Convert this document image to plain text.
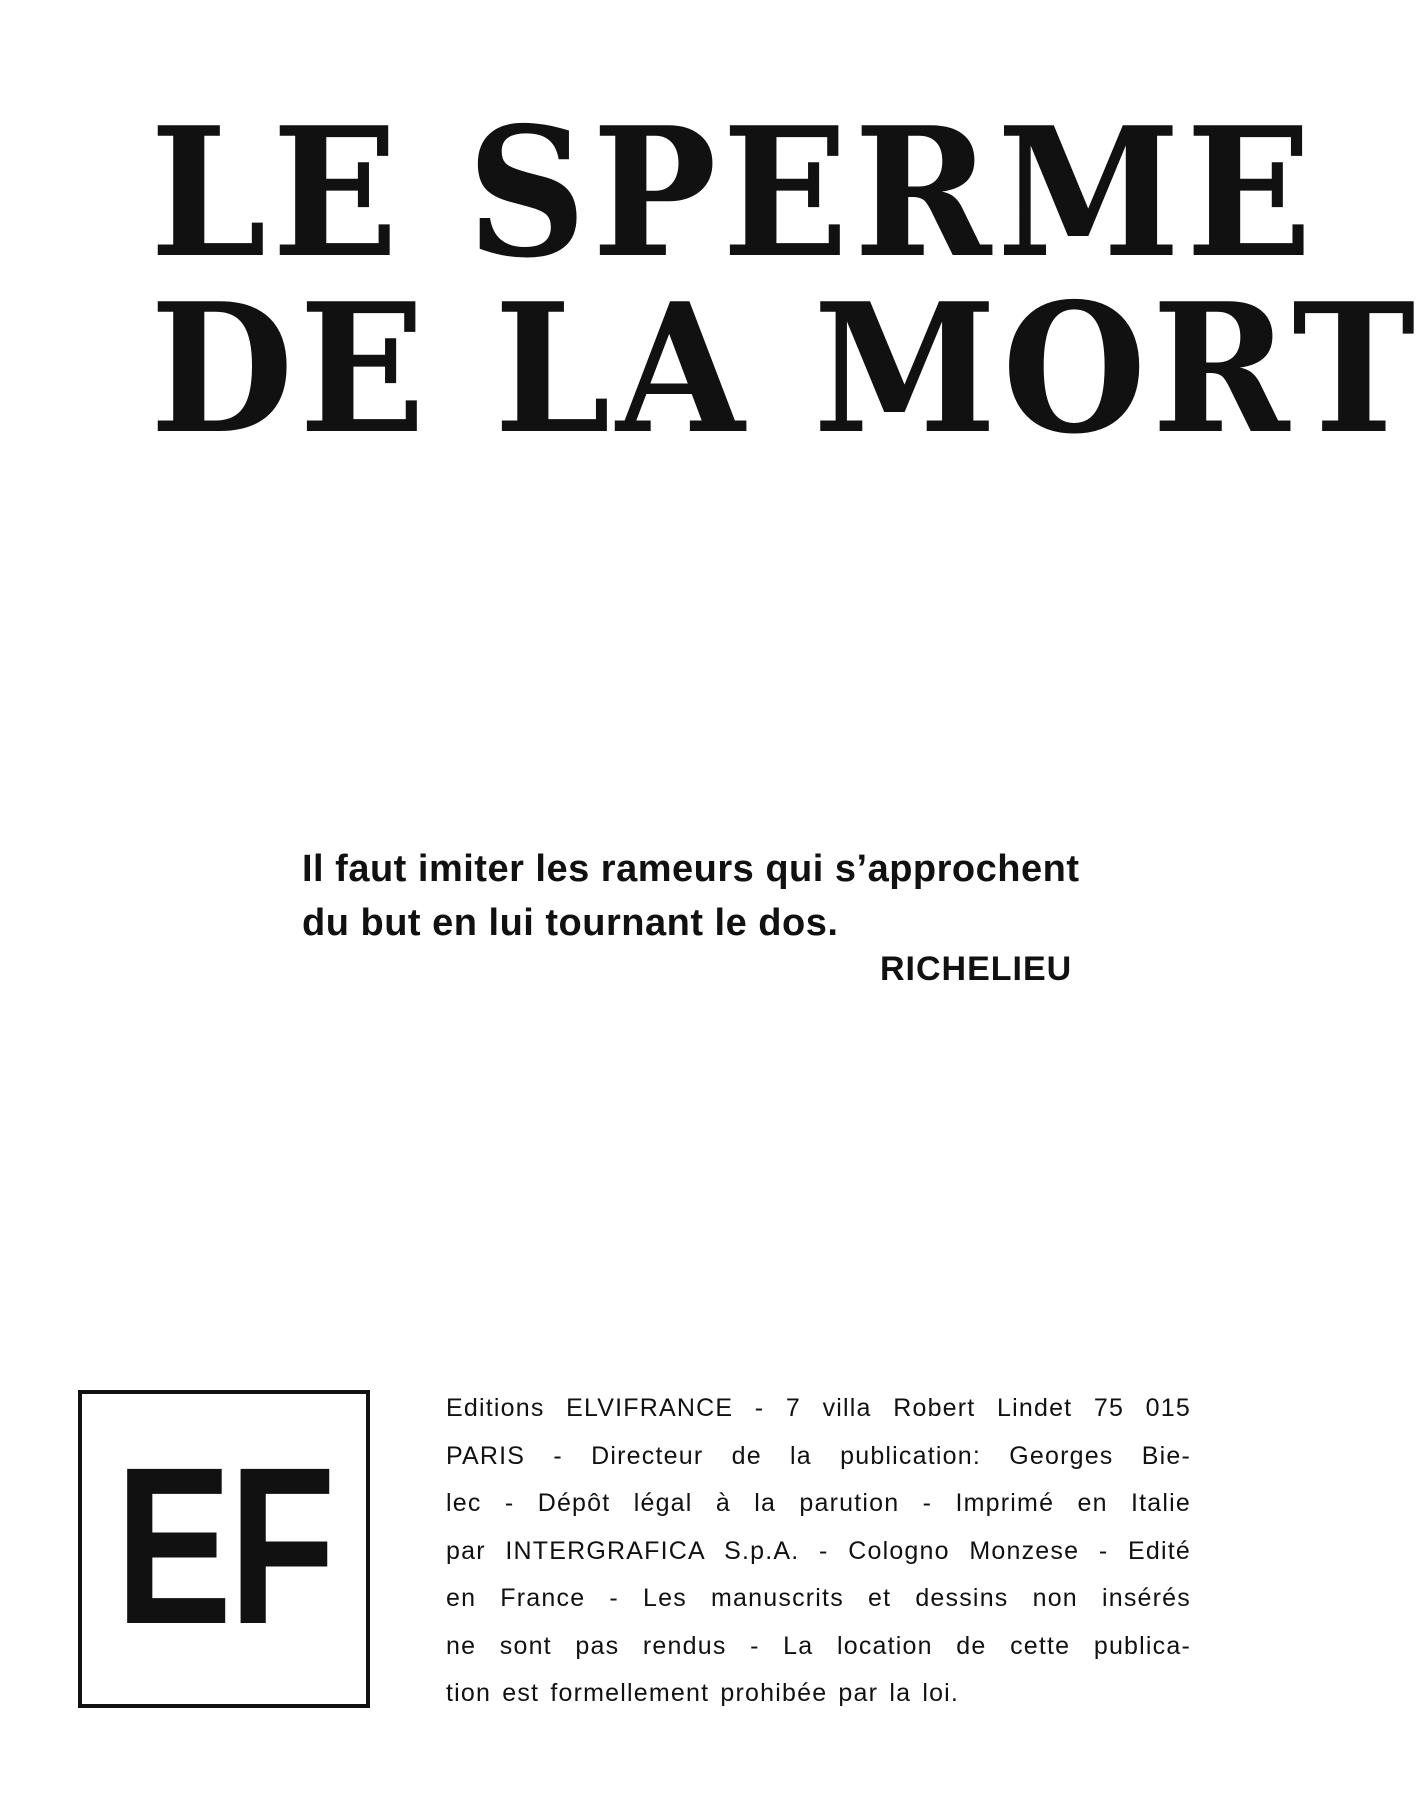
LE SPERME
DE LA MORT
Il faut imiter les rameurs qui s’approchent
du but en lui tournant le dos.
RICHELIEU
EF
Editions ELVIFRANCE - 7 villa Robert Lindet 75 015
PARIS - Directeur de la publication: Georges Bie-
lec - Dépôt légal à la parution - Imprimé en Italie
par INTERGRAFICA S.p.A. - Cologno Monzese - Edité
en France - Les manuscrits et dessins non insérés
ne sont pas rendus - La location de cette publica-
tion est formellement prohibée par la loi.
